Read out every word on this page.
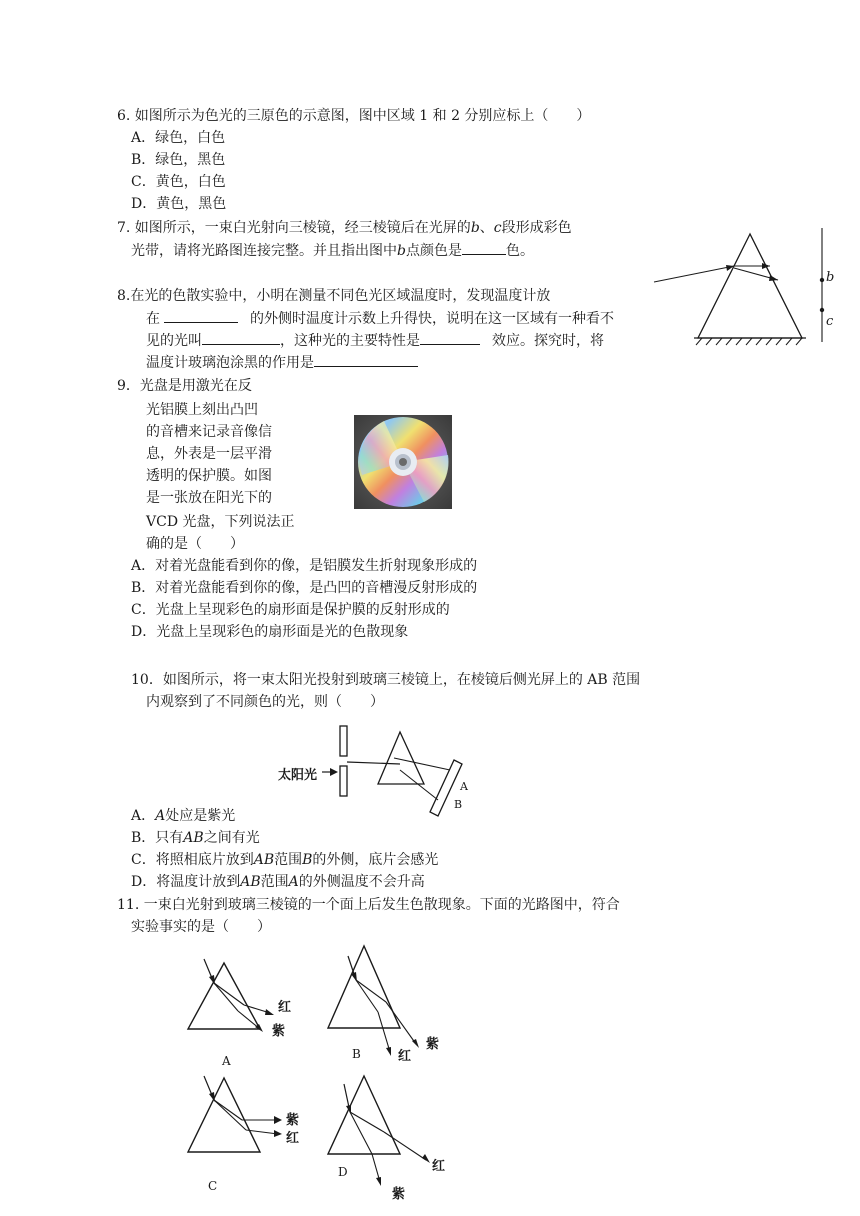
6. 如图所示为色光的三原色的示意图，图中区域 1 和 2 分别应标上（　　）
A．绿色，白色
B．绿色，黑色
C．黄色，白色
D．黄色，黑色
7. 如图所示，一束白光射向三棱镜，经三棱镜后在光屏的b、c段形成彩色
光带，请将光路图连接完整。并且指出图中b点颜色是	色。
b
c
8.在光的色散实验中，小明在测量不同色光区域温度时，发现温度计放
在	的外侧时温度计示数上升得快，说明在这一区域有一种看不
见的光叫	，这种光的主要特性是	效应。探究时，将
温度计玻璃泡涂黑的作用是
9．光盘是用激光在反
光铝膜上刻出凸凹
的音槽来记录音像信
息，外表是一层平滑
透明的保护膜。如图
是一张放在阳光下的
VCD 光盘，下列说法正
确的是（　　）
A．对着光盘能看到你的像，是铝膜发生折射现象形成的
B．对着光盘能看到你的像，是凸凹的音槽漫反射形成的
C．光盘上呈现彩色的扇形面是保护膜的反射形成的
D．光盘上呈现彩色的扇形面是光的色散现象
10．如图所示，将一束太阳光投射到玻璃三棱镜上，在棱镜后侧光屏上的 AB 范围
内观察到了不同颜色的光，则（　　）
太阳光
A
B
A．A处应是紫光
B．只有AB之间有光
C．将照相底片放到AB范围B的外侧，底片会感光
D．将温度计放到AB范围A的外侧温度不会升高
11. 一束白光射到玻璃三棱镜的一个面上后发生色散现象。下面的光路图中，符合
实验事实的是（　　）
红
紫
A
紫
红
B
紫
红
C
红
紫
D
